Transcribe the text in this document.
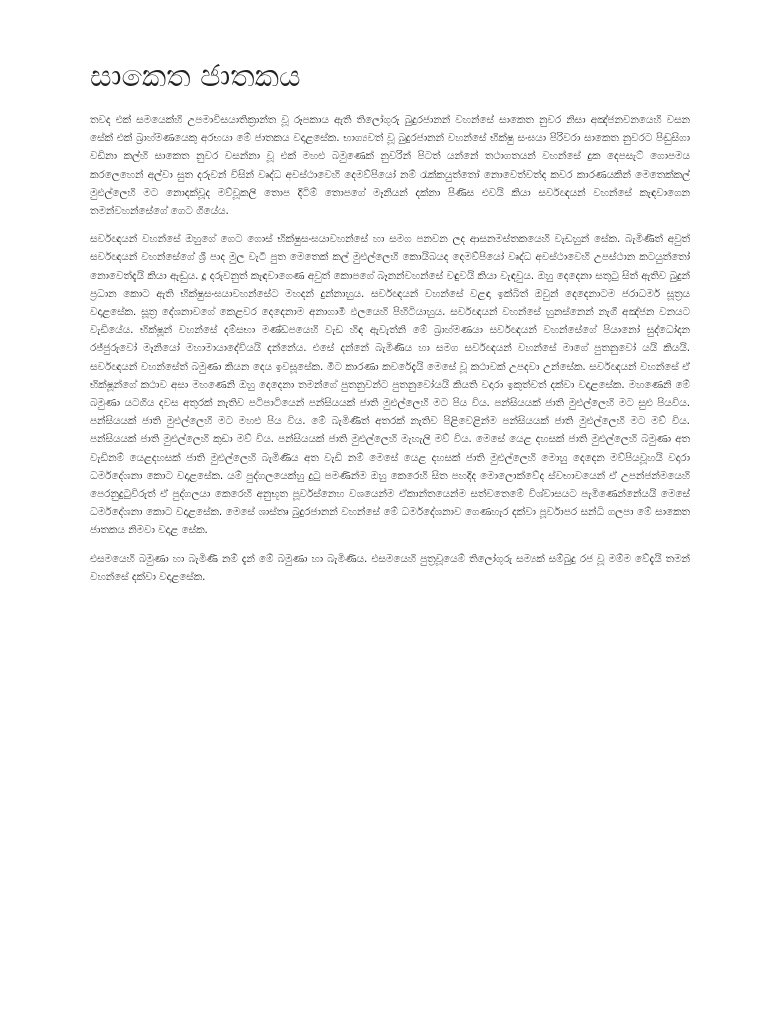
සාකෙත ජාතකය

තවද එක් සමයෙක්හි උපමාවිසයාතික්‍රාන්ත වූ රූපකාය ඇති තිලෝගුරු බුදුරජානන් වහන්සේ සාකෙත නුවර නිසා අඤ්ජනවනයෙහි වසන සේක් එක් බ්‍රාහ්මණයෙකු අරභයා මේ ජාතකය වදාළසේක. භාග්‍යවත් වූ බුදුරජානන් වහන්සේ භික්ෂු සංඝයා පිරිවරා සාකෙත නුවරට පිඬුසිගා වඩිනා කල්හි සාකෙත නුවර වසන්නා වූ එක් මහළු බමුණෙක් නුවරින් පිටත් යන්නේ තථාගතයන් වහන්සේ දුක දෙපසැට් ගොපමය කරලෙහෙන් අල්වා සුත දරුවන් විසින් වෘද්ධ අවස්ථාවෙහි දෙමව්පියෝ නම් රැක්කයුත්තෝ නොවෙත්වත්ද කවර කාරණයකින් මෙතෙක්කල් මුළුල්ලෙහි මට නොදක්වූද මව්වූකලි තොප දිටිම් තොපගේ මෑනියන් දක්නා පිණිස එවයි කියා සර්වඥයන් වහන්සේ කැඳවාගෙන තමන්වහන්සේගේ ගෙට ගියේය.

සර්වඥයන් වහන්සේ ඔහුගේ ගෙට ගොස් භික්ෂුසංඝයාවහන්සේ හා සමග පනවන ලද ආසනමස්තකයෙහි වැඩහුන් සේක. බැමිණීත් අවුත් සර්වඥයන් වහන්සේගේ ශ්‍රී පාද මුල වැටී පුත මෙතෙක් කල් මුළුල්ලෙහි කොයිබයද දෙමව්පියෝ වෘද්ධ අවස්ථාවෙහි උපස්ථාන කටයුත්තෝ නොවෙත්දැයි කියා ඇඬුය. දූ දරුවනුත් කැඳවාගෙණ අවුත් කොපගේ බෑනන්වහන්සේ වඳුවයි කියා වැඳවුය. ඔහු දෙදෙනා සතුටු සිත් ඇතිව බුදුන් ප්‍රධාන කොට ඇති භික්ෂුසංඝයාවහන්සේට මහදන් දුන්නාහුය. සර්වඥයන් වහන්සේ වළඳා ඉක්බිත් ඔවුන් දෙදෙනාටම ජරාධර්ම සූත්‍රය වදාළසේක. සූත්‍ර දේශනාවගේ කෙළවර දෙදෙනාම අනාගාමී ඵලයෙහි පිහිටියාහුය. සර්වඥයන් වහන්සේ හුනස්නෙන් නැගී අඤ්ජන වනයට වැඩියේය. භික්ෂූන් වහන්සේ දම්සභා මණ්ඩපයෙහි වැඩ හිඳ ඇවැත්නි මේ බ්‍රාහ්මණයා සර්වඥයන් වහන්සේගේ පියානෝ සුද්ධෝදන රජ්ජුරුවෝ මෑනියෝ මහාමායාදේවියයි දන්නේය. එසේ දන්නේ බැමිණිය හා සමග සර්වඥයන් වහන්සේ මාගේ පුතනුවෝ යයි කියයි. සර්වඥයන් වහන්සේත් බමුණා කියන දෙය ඉවසූසේක. මීට කාරණා කවරේදැයි මෙසේ වූ කථාවක් උපදවා උන්සේක. සර්වඥයන් වහන්සේ ඒ භික්ෂූන්ගේ කථාව අසා මහණෙනි ඔහු දෙදෙනා තමන්ගේ පුතනුවන්ට පුතනුවෝයයි කියති වදාරා ඉකුත්වත් දක්වා වදාළසේක. මහණෙනි මේ බමුණා යටගිය දවස අතුරක් නැතිව පටිපාටියෙන් පන්සියයක් ජාති මුළුල්ලෙහි මට පිය විය. පන්සියයක් ජාති මුළුල්ලෙහි මට සුළු පියවිය. පන්සියයක් ජාති මුළුල්ලෙහි මට මහළු පිය විය. මේ බැමිණීත් අතරක් නැතිව පිළිවෙළින්ම පන්සියයක් ජාති මුළුල්ලෙහි මට මව් විය. පන්සියයක් ජාති මුළුල්ලෙහි කුඩා මව් විය. පන්සියයක් ජාති මුළුල්ලෙහි මැහැලි මව් විය. මෙසේ යෙළ දහසක් ජාති මුළුල්ලෙහි බමුණා අත වැඩිනම් යෙළදහසක් ජාති මුළුල්ලෙහි බැමිණිය අත වැඩි නම් මෙසේ යෙළ දහසක් ජාති මුළුල්ලෙහි මොහු දෙදෙන මව්පියවූහයි වදාරා ධර්මදේශනා කොට වදාළසේක. යම් පුද්ගලයෙක්හු දුටු පමණින්ම ඔහු කෙරෙහි සිත පහදිද මොලොක්වේද ස්වභාවයෙන් ඒ උපන්ජන්මයෙහි පෙරනුදුටුවිරුත් ඒ පුද්ගලයා කෙරෙහි අනුභූත පූර්වස්නෙහ වශයෙන්ම ඒකාන්තයෙන්ම සත්වතෙමේ විශ්වාසයට පැමිණෙන්නේයයි මෙසේ ධර්මදේශනා කොට වදාළසේක. මෙසේ ශාස්තෘ බුදුරජානන් වහන්සේ මේ ධර්මදේශනාව ගෙණහැර දක්වා පූර්වාපර සන්ධි ගලපා මේ සාකෙත ජාතකය නිමවා වදාළ සේක.

එසමයෙහි බමුණා හා බැමිණී නම් දැන් මේ බමුණා හා බැමිණිය. එසමයෙහි පුත්‍රවූයෙම් තිලෝගුරු සම්‍යක් සම්බුදු රජ වූ මම්ම වේදැයි තමන් වහන්සේ දක්වා වදාළසේක.
